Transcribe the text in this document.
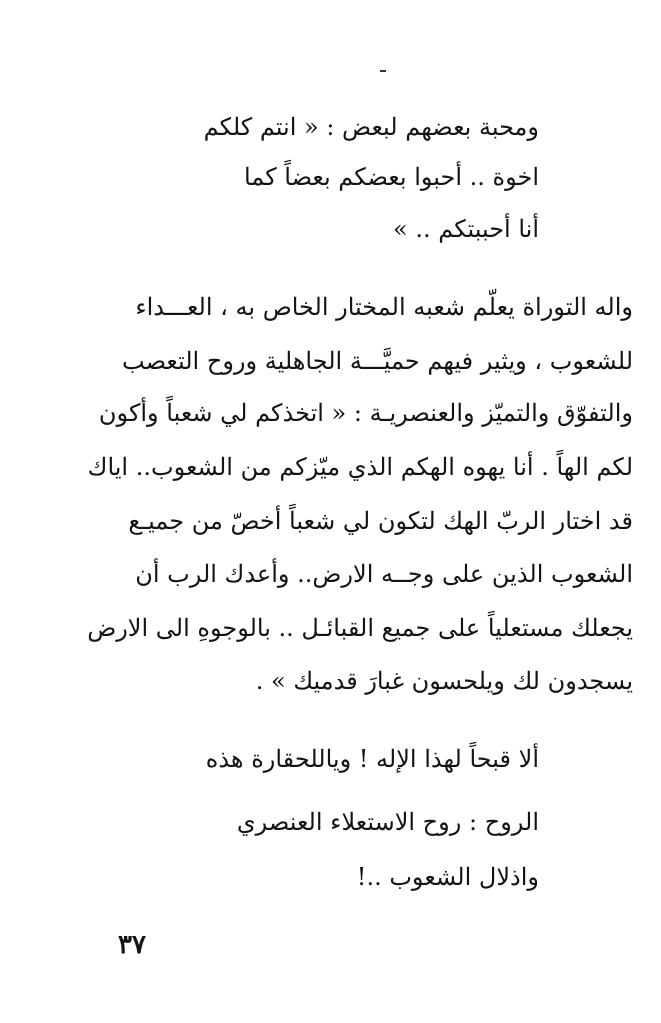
ومحبة بعضهم لبعض : « انتم كلكم
اخوة .. أحبوا بعضكم بعضاً كما
أنا أحببتكم .. »
واله التوراة يعلّم شعبه المختار الخاص به ، العـــداء
للشعوب ، ويثير فيهم حميَّـــة الجاهلية وروح التعصب
والتفوّق والتميّز والعنصريـة : « اتخذكم لي شعباً وأكون
لكم الهاً . أنا يهوه الهكم الذي ميّزكم من الشعوب.. اياك
قد اختار الربّ الهك لتكون لي شعباً أخصّ من جميـع
الشعوب الذين على وجــه الارض.. وأعدك الرب أن
يجعلك مستعلياً على جميع القبائـل .. بالوجوهِ الى الارض
يسجدون لك ويلحسون غبارَ قدميك » .
ألا قبحاً لهذا الإله ! وياللحقارة هذه
الروح : روح الاستعلاء العنصري
واذلال الشعوب ..!
٣٧
